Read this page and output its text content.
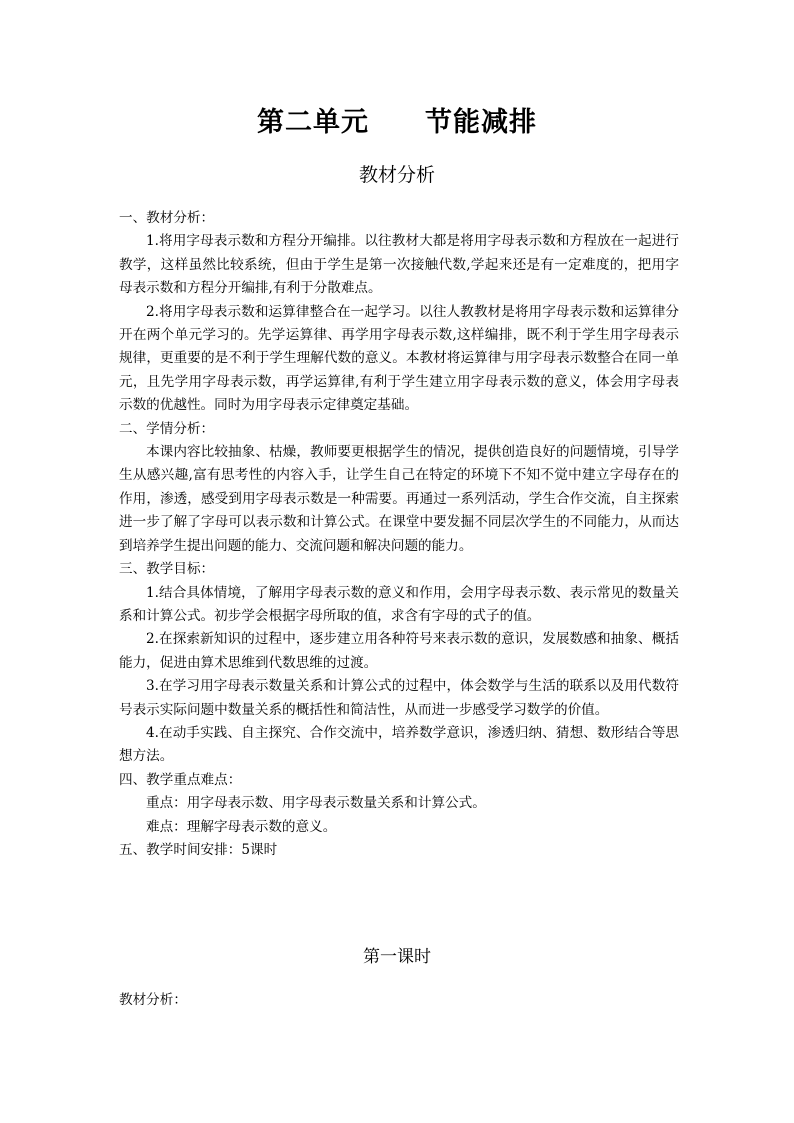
第二单元　　节能减排
教材分析

一、教材分析：

1.将用字母表示数和方程分开编排。以往教材大都是将用字母表示数和方程放在一起进行教学，这样虽然比较系统，但由于学生是第一次接触代数,学起来还是有一定难度的，把用字母表示数和方程分开编排,有利于分散难点。

2.将用字母表示数和运算律整合在一起学习。以往人教教材是将用字母表示数和运算律分开在两个单元学习的。先学运算律、再学用字母表示数,这样编排，既不利于学生用字母表示规律，更重要的是不利于学生理解代数的意义。本教材将运算律与用字母表示数整合在同一单元，且先学用字母表示数，再学运算律,有利于学生建立用字母表示数的意义，体会用字母表示数的优越性。同时为用字母表示定律奠定基础。

二、学情分析：

本课内容比较抽象、枯燥，教师要更根据学生的情况，提供创造良好的问题情境，引导学生从感兴趣,富有思考性的内容入手，让学生自己在特定的环境下不知不觉中建立字母存在的作用，渗透，感受到用字母表示数是一种需要。再通过一系列活动，学生合作交流，自主探索进一步了解了字母可以表示数和计算公式。在课堂中要发掘不同层次学生的不同能力，从而达到培养学生提出问题的能力、交流问题和解决问题的能力。

三、教学目标：

1.结合具体情境，了解用字母表示数的意义和作用，会用字母表示数、表示常见的数量关系和计算公式。初步学会根据字母所取的值，求含有字母的式子的值。

2.在探索新知识的过程中，逐步建立用各种符号来表示数的意识，发展数感和抽象、概括能力，促进由算术思维到代数思维的过渡。

3.在学习用字母表示数量关系和计算公式的过程中，体会数学与生活的联系以及用代数符号表示实际问题中数量关系的概括性和简洁性，从而进一步感受学习数学的价值。

4.在动手实践、自主探究、合作交流中，培养数学意识，渗透归纳、猜想、数形结合等思想方法。

四、教学重点难点：

重点：用字母表示数、用字母表示数量关系和计算公式。

难点：理解字母表示数的意义。

五、教学时间安排：5课时

第一课时
教材分析：
